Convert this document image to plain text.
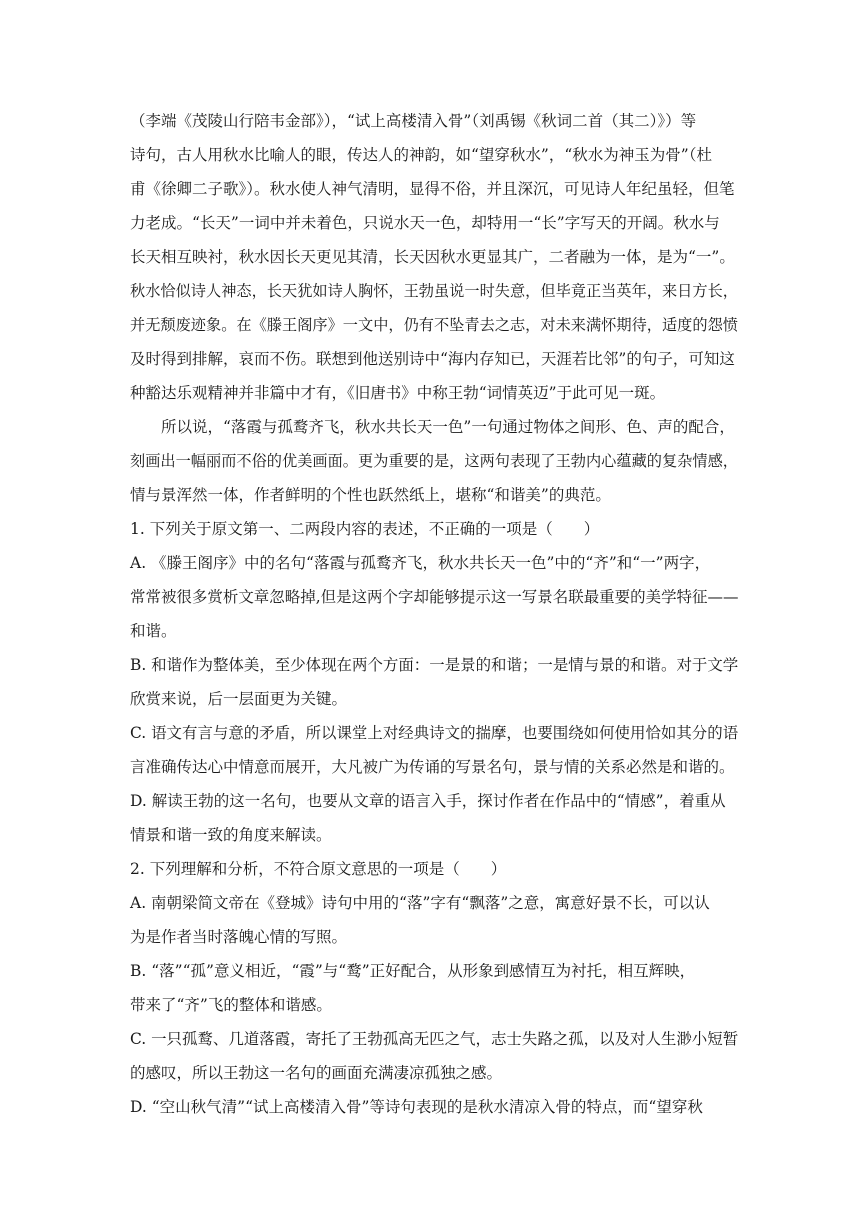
（李端《茂陵山行陪韦金部》），“试上高楼清入骨”（刘禹锡《秋词二首（其二）》）等
诗句，古人用秋水比喻人的眼，传达人的神韵，如“望穿秋水”，“秋水为神玉为骨”（杜
甫《徐卿二子歌》）。秋水使人神气清明，显得不俗，并且深沉，可见诗人年纪虽轻，但笔
力老成。“长天”一词中并未着色，只说水天一色，却特用一“长”字写天的开阔。秋水与
长天相互映衬，秋水因长天更见其清，长天因秋水更显其广，二者融为一体，是为“一”。
秋水恰似诗人神态，长天犹如诗人胸怀，王勃虽说一时失意，但毕竟正当英年，来日方长，
并无颓废迹象。在《滕王阁序》一文中，仍有不坠青去之志，对未来满怀期待，适度的怨愤
及时得到排解，哀而不伤。联想到他送别诗中“海内存知已，天涯若比邻”的句子，可知这
种豁达乐观精神并非篇中才有，《旧唐书》中称王勃“词情英迈”于此可见一斑。

所以说，“落霞与孤鹜齐飞，秋水共长天一色”一句通过物体之间形、色、声的配合，
刻画出一幅丽而不俗的优美画面。更为重要的是，这两句表现了王勃内心蕴藏的复杂情感，
情与景浑然一体，作者鲜明的个性也跃然纸上，堪称“和谐美”的典范。

1. 下列关于原文第一、二两段内容的表述，不正确的一项是（　　）

A. 《滕王阁序》中的名句“落霞与孤鹜齐飞，秋水共长天一色”中的“齐”和“一”两字，
常常被很多赏析文章忽略掉,但是这两个字却能够提示这一写景名联最重要的美学特征——
和谐。

B. 和谐作为整体美，至少体现在两个方面：一是景的和谐；一是情与景的和谐。对于文学
欣赏来说，后一层面更为关键。

C. 语文有言与意的矛盾，所以课堂上对经典诗文的揣摩，也要围绕如何使用恰如其分的语
言准确传达心中情意而展开，大凡被广为传诵的写景名句，景与情的关系必然是和谐的。

D. 解读王勃的这一名句，也要从文章的语言入手，探讨作者在作品中的“情感”，着重从
情景和谐一致的角度来解读。

2. 下列理解和分析，不符合原文意思的一项是（　　）

A. 南朝梁简文帝在《登城》诗句中用的“落”字有“飘落”之意，寓意好景不长，可以认
为是作者当时落魄心情的写照。

B. “落”“孤”意义相近，“霞”与“鹜”正好配合，从形象到感情互为衬托，相互辉映，
带来了“齐”飞的整体和谐感。

C. 一只孤鹜、几道落霞，寄托了王勃孤高无匹之气，志士失路之孤，以及对人生渺小短暂
的感叹，所以王勃这一名句的画面充满凄凉孤独之感。

D. “空山秋气清”“试上高楼清入骨”等诗句表现的是秋水清凉入骨的特点，而“望穿秋
